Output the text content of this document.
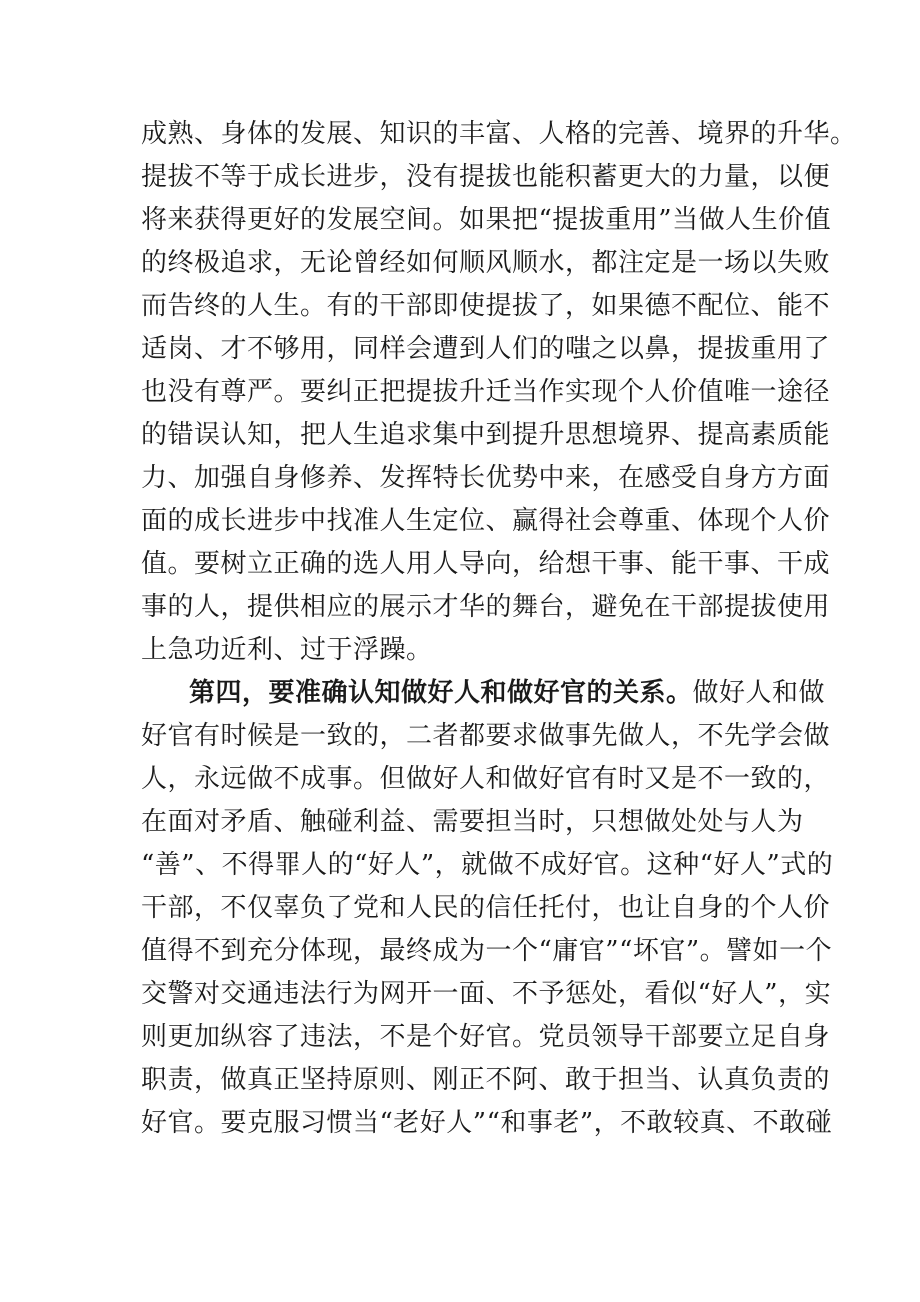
成熟、身体的发展、知识的丰富、人格的完善、境界的升华。
提拔不等于成长进步，没有提拔也能积蓄更大的力量，以便
将来获得更好的发展空间。如果把“提拔重用”当做人生价值
的终极追求，无论曾经如何顺风顺水，都注定是一场以失败
而告终的人生。有的干部即使提拔了，如果德不配位、能不
适岗、才不够用，同样会遭到人们的嗤之以鼻，提拔重用了
也没有尊严。要纠正把提拔升迁当作实现个人价值唯一途径
的错误认知，把人生追求集中到提升思想境界、提高素质能
力、加强自身修养、发挥特长优势中来，在感受自身方方面
面的成长进步中找准人生定位、赢得社会尊重、体现个人价
值。要树立正确的选人用人导向，给想干事、能干事、干成
事的人，提供相应的展示才华的舞台，避免在干部提拔使用
上急功近利、过于浮躁。
第四，要准确认知做好人和做好官的关系。做好人和做
好官有时候是一致的，二者都要求做事先做人，不先学会做
人，永远做不成事。但做好人和做好官有时又是不一致的，
在面对矛盾、触碰利益、需要担当时，只想做处处与人为
“善”、不得罪人的“好人”，就做不成好官。这种“好人”式的
干部，不仅辜负了党和人民的信任托付，也让自身的个人价
值得不到充分体现，最终成为一个“庸官”“坏官”。譬如一个
交警对交通违法行为网开一面、不予惩处，看似“好人”，实
则更加纵容了违法，不是个好官。党员领导干部要立足自身
职责，做真正坚持原则、刚正不阿、敢于担当、认真负责的
好官。要克服习惯当“老好人”“和事老”，不敢较真、不敢碰
